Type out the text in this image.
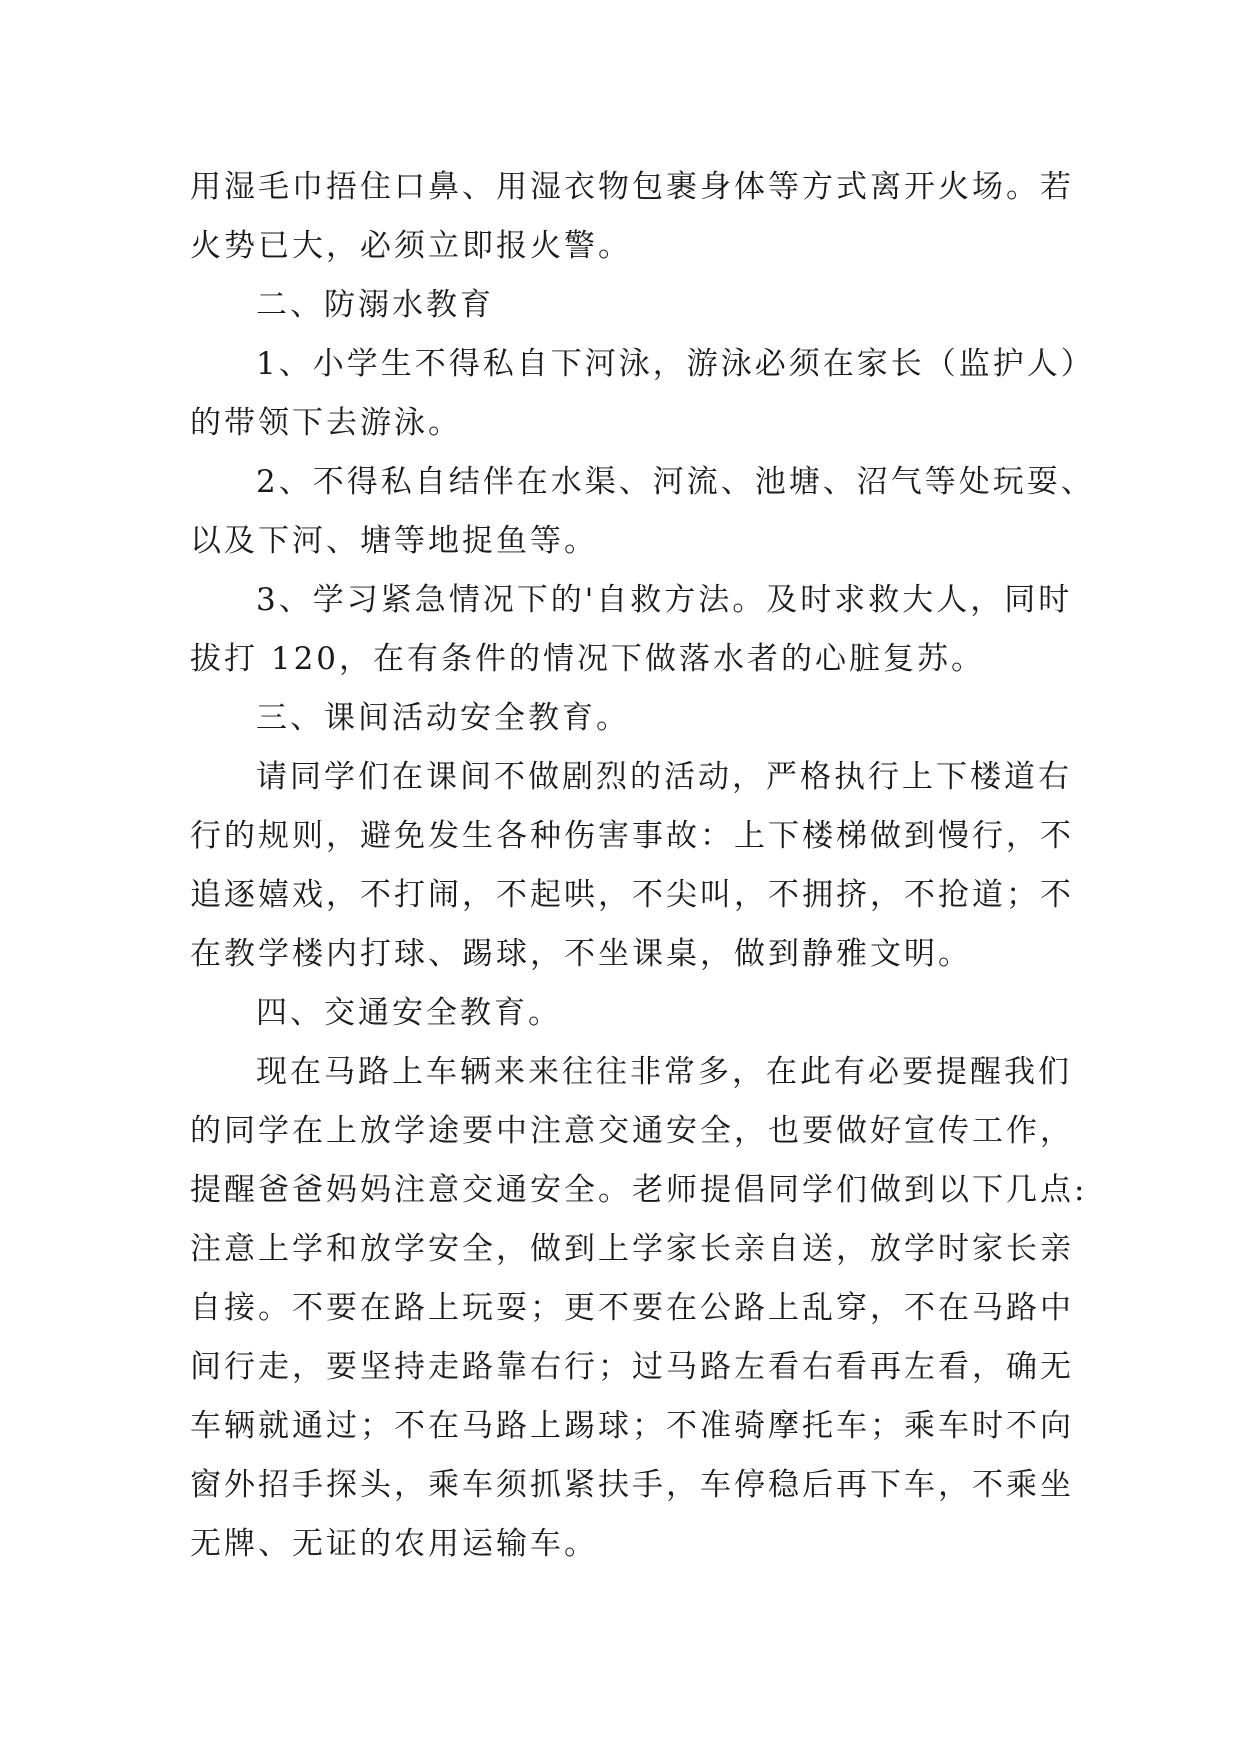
用湿毛巾捂住口鼻、用湿衣物包裹身体等方式离开火场。若
火势已大，必须立即报火警。
二、防溺水教育
1、小学生不得私自下河泳，游泳必须在家长（监护人）
的带领下去游泳。
2、不得私自结伴在水渠、河流、池塘、沼气等处玩耍、
以及下河、塘等地捉鱼等。
3、学习紧急情况下的'自救方法。及时求救大人，同时
拔打 120，在有条件的情况下做落水者的心脏复苏。
三、课间活动安全教育。
请同学们在课间不做剧烈的活动，严格执行上下楼道右
行的规则，避免发生各种伤害事故：上下楼梯做到慢行，不
追逐嬉戏，不打闹，不起哄，不尖叫，不拥挤，不抢道；不
在教学楼内打球、踢球，不坐课桌，做到静雅文明。
四、交通安全教育。
现在马路上车辆来来往往非常多，在此有必要提醒我们
的同学在上放学途要中注意交通安全，也要做好宣传工作，
提醒爸爸妈妈注意交通安全。老师提倡同学们做到以下几点:
注意上学和放学安全，做到上学家长亲自送，放学时家长亲
自接。不要在路上玩耍；更不要在公路上乱穿，不在马路中
间行走，要坚持走路靠右行；过马路左看右看再左看，确无
车辆就通过；不在马路上踢球；不准骑摩托车；乘车时不向
窗外招手探头，乘车须抓紧扶手，车停稳后再下车，不乘坐
无牌、无证的农用运输车。
